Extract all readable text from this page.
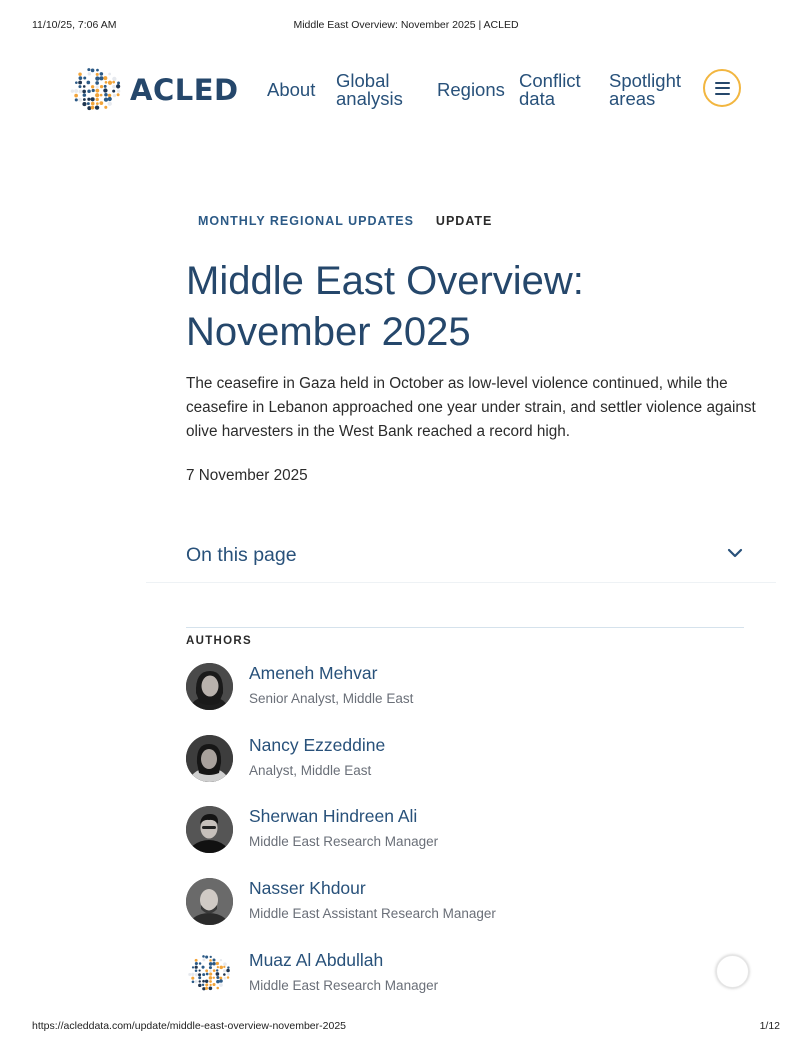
11/10/25, 7:06 AM	Middle East Overview: November 2025 | ACLED
ACLED About Global
analysis Regions Conflict
data
Spotlight
areas
MONTHLY REGIONAL UPDATES UPDATE
Middle East Overview: November 2025

The ceasefire in Gaza held in October as low-level violence continued, while the ceasefire in Lebanon approached one year under strain, and settler violence against olive harvesters in the West Bank reached a record high.

7 November 2025
On this page
AUTHORS
Ameneh Mehvar
Senior Analyst, Middle East
Nancy Ezzeddine
Analyst, Middle East
Sherwan Hindreen Ali
Middle East Research Manager
Nasser Khdour
Middle East Assistant Research Manager
Muaz Al Abdullah
Middle East Research Manager
https://acleddata.com/update/middle-east-overview-november-2025	1/12
